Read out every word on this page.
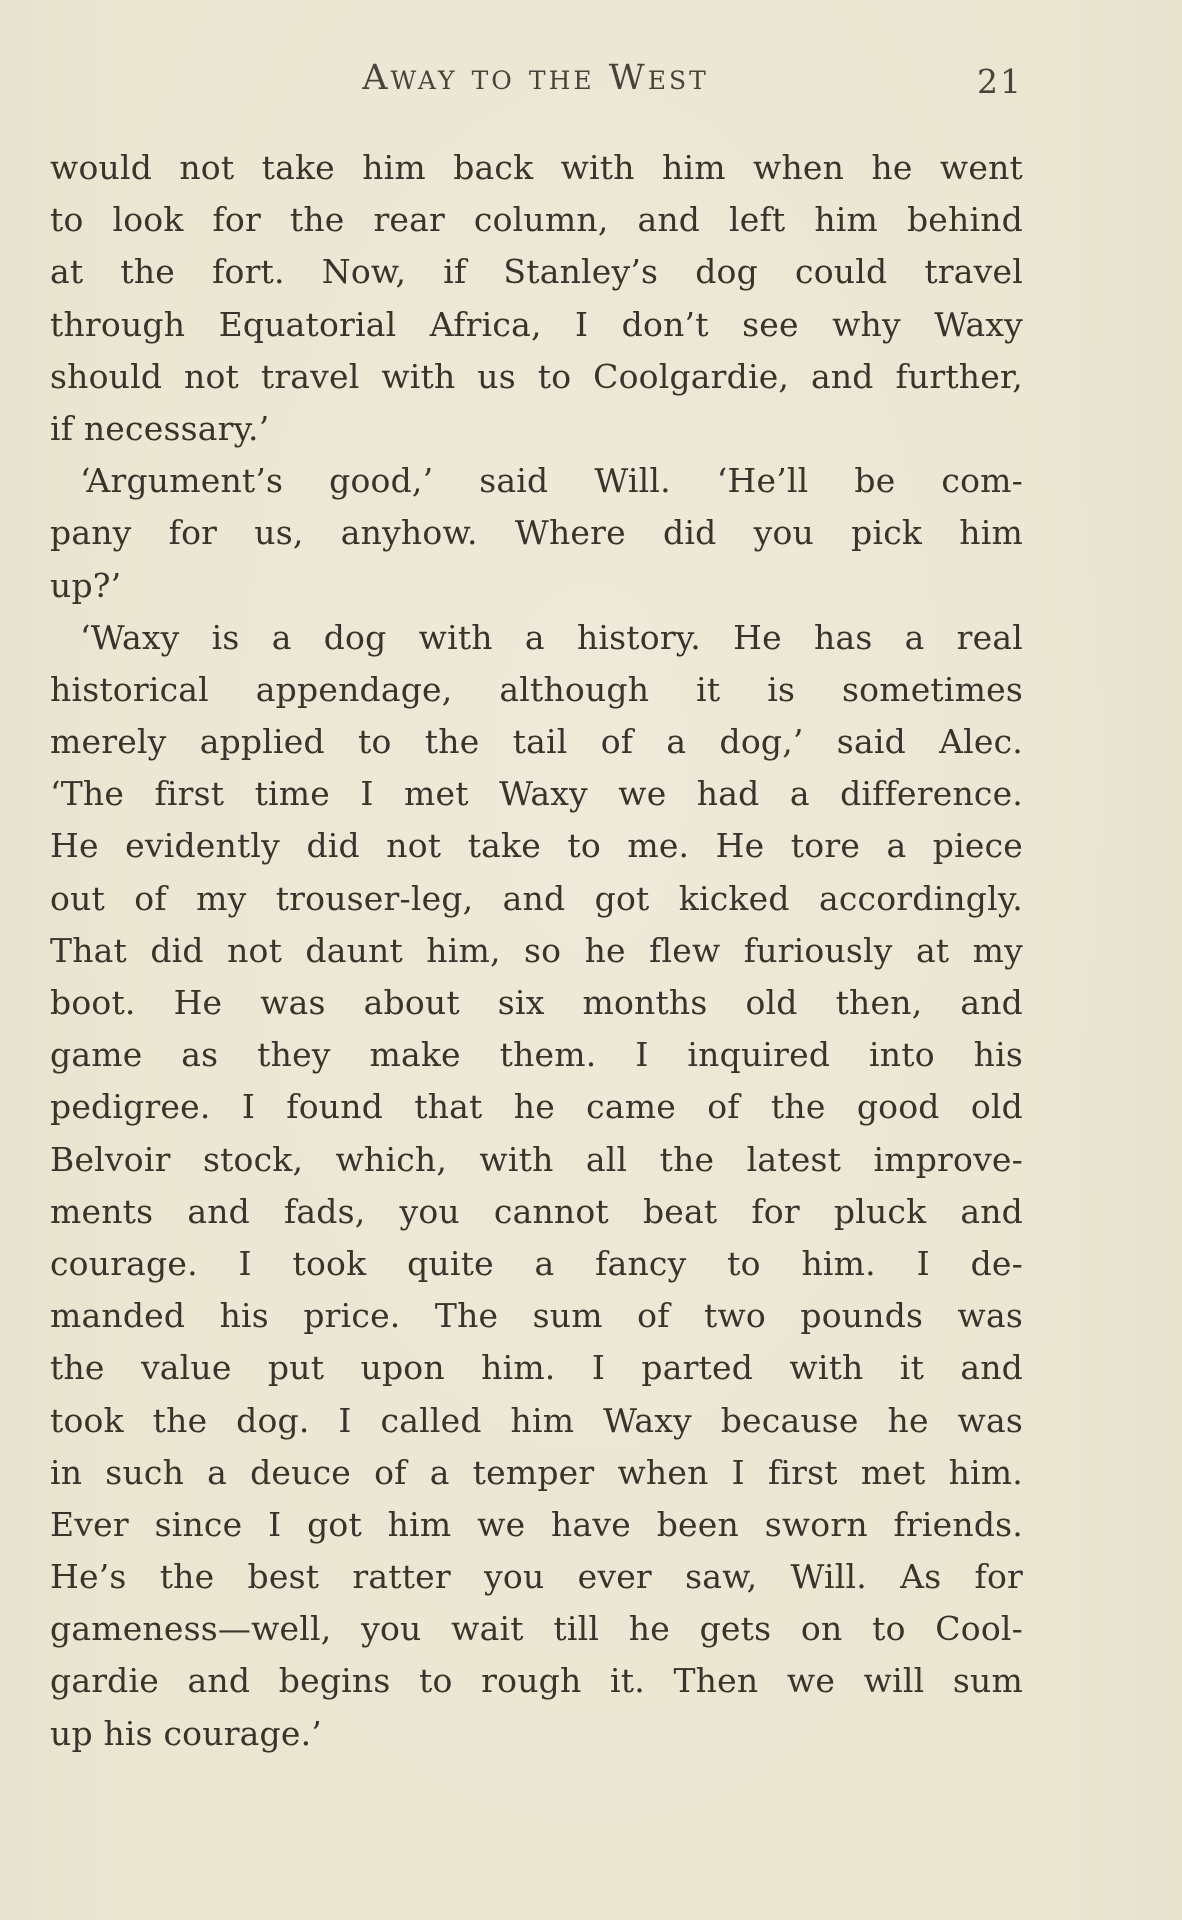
Away to the West	21
would not take him back with him when he went
to look for the rear column, and left him behind
at the fort. Now, if Stanley’s dog could travel
through Equatorial Africa, I don’t see why Waxy
should not travel with us to Coolgardie, and further,
if necessary.’
‘Argument’s good,’ said Will. ‘He’ll be com-
pany for us, anyhow. Where did you pick him
up?’
‘Waxy is a dog with a history. He has a real
historical appendage, although it is sometimes
merely applied to the tail of a dog,’ said Alec.
‘The first time I met Waxy we had a difference.
He evidently did not take to me. He tore a piece
out of my trouser-leg, and got kicked accordingly.
That did not daunt him, so he flew furiously at my
boot. He was about six months old then, and
game as they make them. I inquired into his
pedigree. I found that he came of the good old
Belvoir stock, which, with all the latest improve-
ments and fads, you cannot beat for pluck and
courage. I took quite a fancy to him. I de-
manded his price. The sum of two pounds was
the value put upon him. I parted with it and
took the dog. I called him Waxy because he was
in such a deuce of a temper when I first met him.
Ever since I got him we have been sworn friends.
He’s the best ratter you ever saw, Will. As for
gameness—well, you wait till he gets on to Cool-
gardie and begins to rough it. Then we will sum
up his courage.’
